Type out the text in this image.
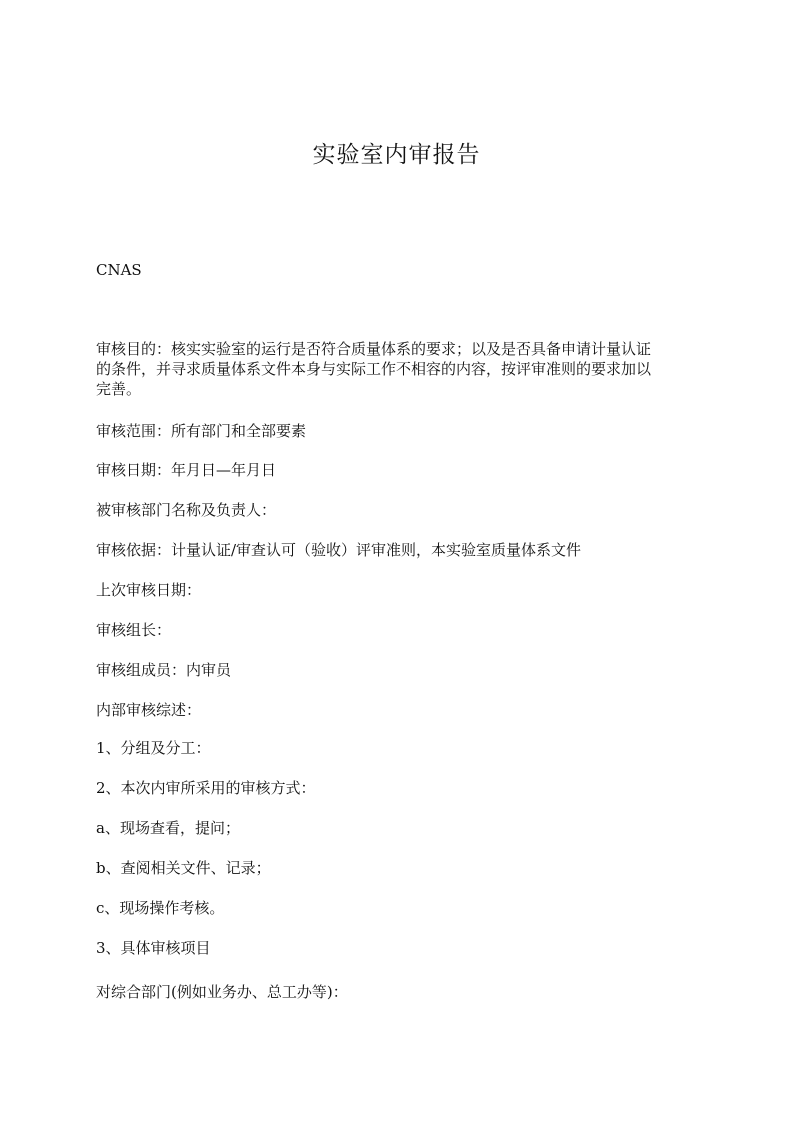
实验室内审报告
CNAS
审核目的：核实实验室的运行是否符合质量体系的要求；以及是否具备申请计量认证
的条件，并寻求质量体系文件本身与实际工作不相容的内容，按评审准则的要求加以
完善。
审核范围：所有部门和全部要素
审核日期：年月日—年月日
被审核部门名称及负责人：
审核依据：计量认证/审查认可（验收）评审准则，本实验室质量体系文件
上次审核日期：
审核组长：
审核组成员：内审员
内部审核综述：
1、分组及分工：
2、本次内审所采用的审核方式：
a、现场查看，提问；
b、查阅相关文件、记录；
c、现场操作考核。
3、具体审核项目
对综合部门(例如业务办、总工办等)：
